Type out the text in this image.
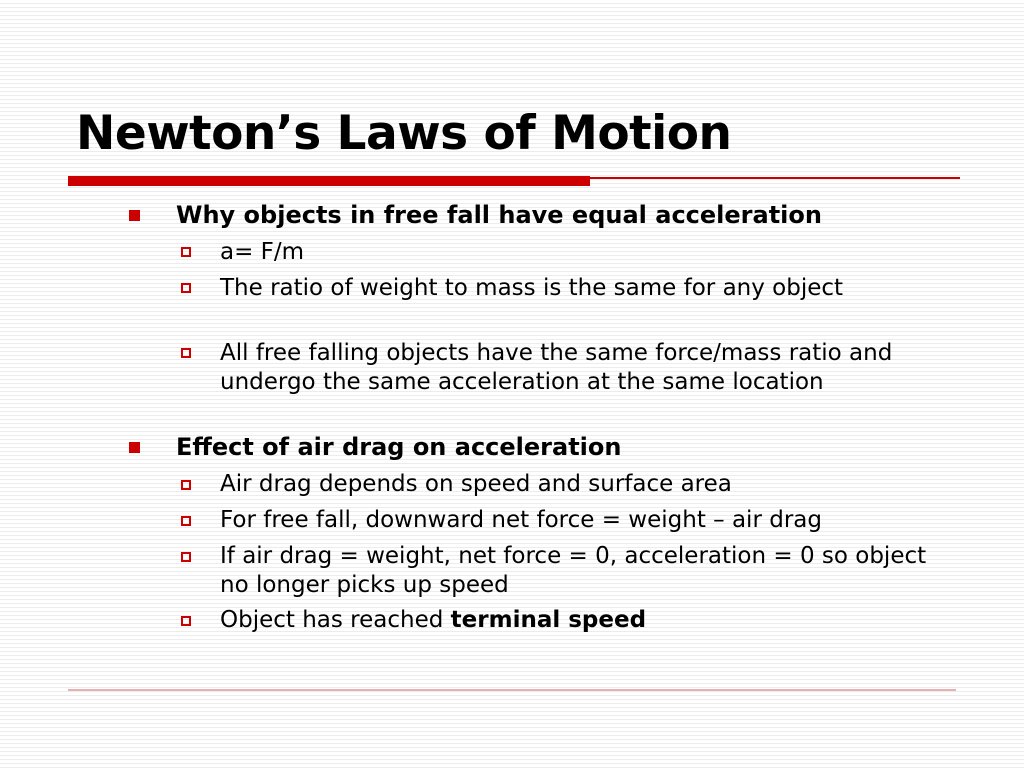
Newton’s Laws of Motion
Why objects in free fall have equal acceleration
a= F/m
The ratio of weight to mass is the same for any object
All free falling objects have the same force/mass ratio and undergo the same acceleration at the same location
Effect of air drag on acceleration
Air drag depends on speed and surface area
For free fall, downward net force = weight – air drag
If air drag = weight, net force = 0, acceleration = 0 so object no longer picks up speed
Object has reached terminal speed
